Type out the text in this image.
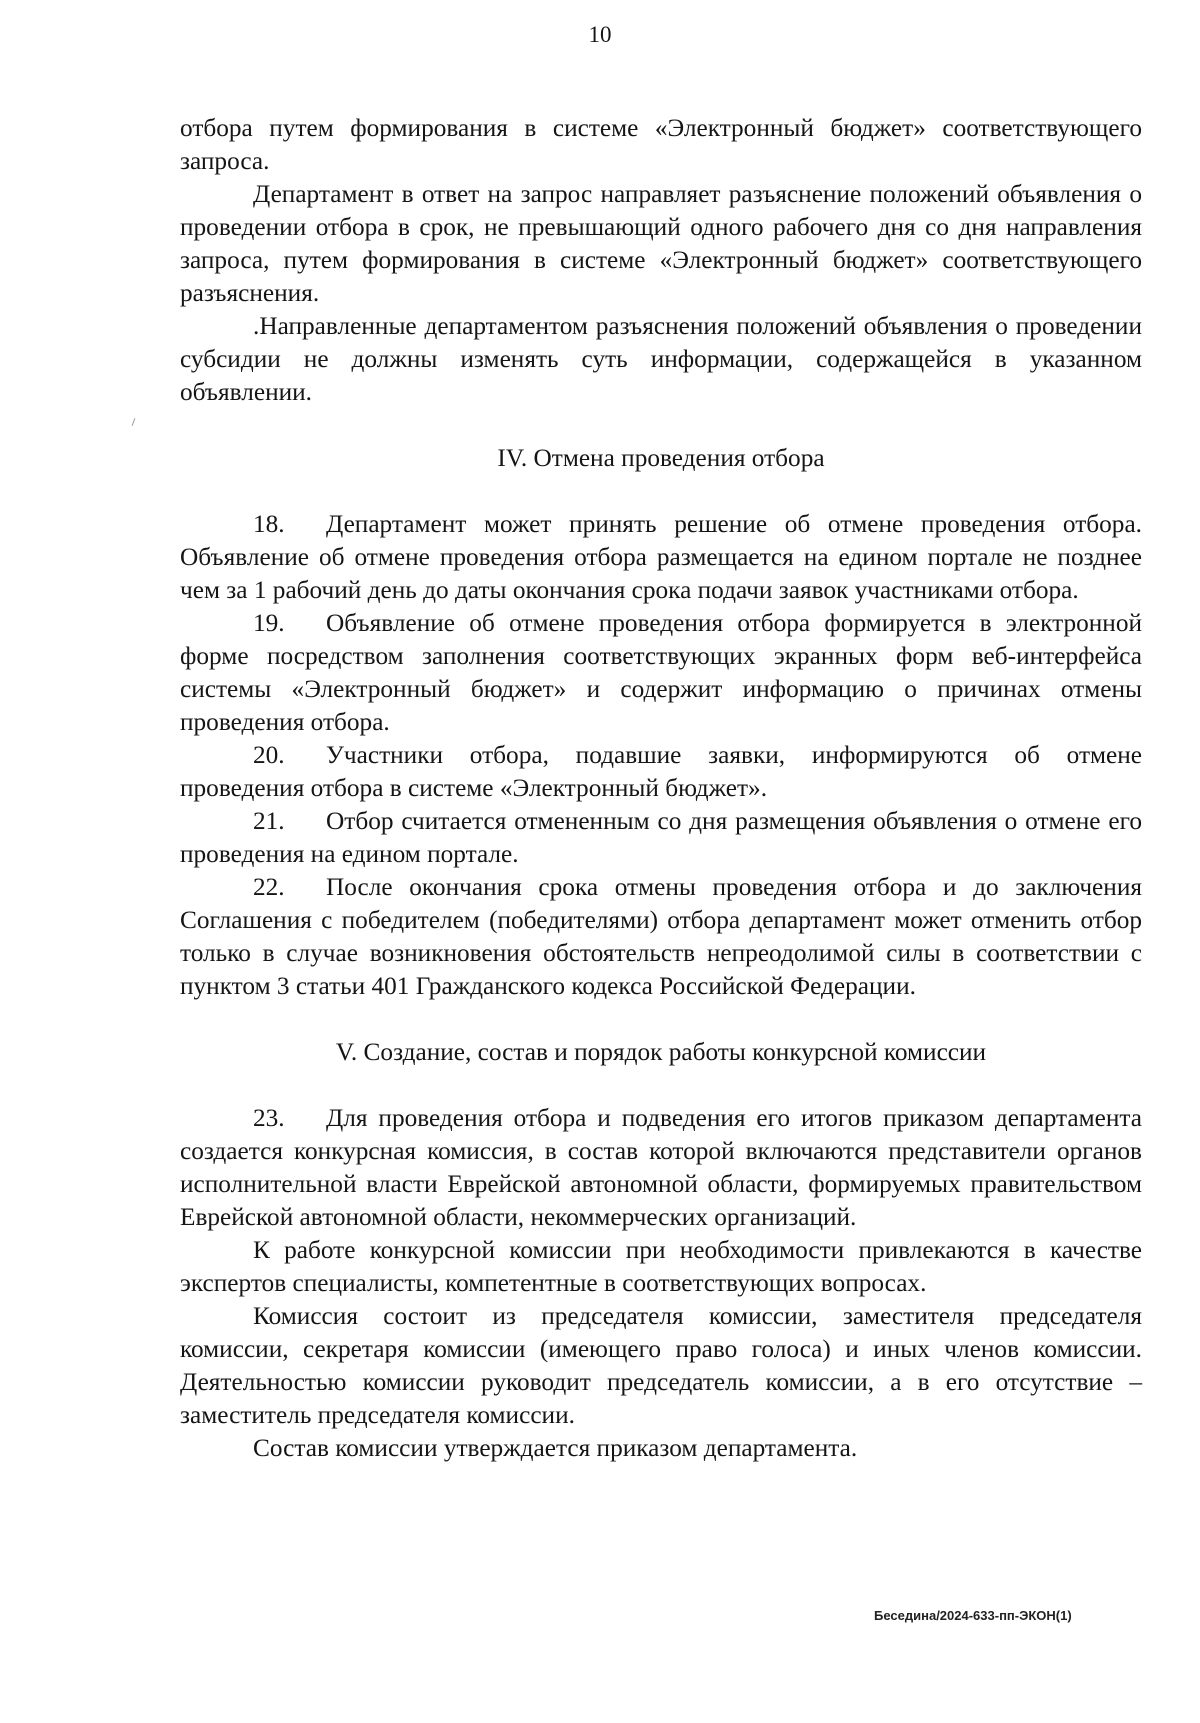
10

отбора путем формирования в системе «Электронный бюджет» соответствующего запроса.

Департамент в ответ на запрос направляет разъяснение положений объявления о проведении отбора в срок, не превышающий одного рабочего дня со дня направления запроса, путем формирования в системе «Электронный бюджет» соответствующего разъяснения.

.Направленные департаментом разъяснения положений объявления о проведении субсидии не должны изменять суть информации, содержащейся в указанном объявлении.

IV. Отмена проведения отбора

18. Департамент может принять решение об отмене проведения отбора. Объявление об отмене проведения отбора размещается на едином портале не позднее чем за 1 рабочий день до даты окончания срока подачи заявок участниками отбора.

19. Объявление об отмене проведения отбора формируется в электронной форме посредством заполнения соответствующих экранных форм веб-интерфейса системы «Электронный бюджет» и содержит информацию о причинах отмены проведения отбора.

20. Участники отбора, подавшие заявки, информируются об отмене проведения отбора в системе «Электронный бюджет».

21. Отбор считается отмененным со дня размещения объявления о отмене его проведения на едином портале.

22. После окончания срока отмены проведения отбора и до заключения Соглашения с победителем (победителями) отбора департамент может отменить отбор только в случае возникновения обстоятельств непреодолимой силы в соответствии с пунктом 3 статьи 401 Гражданского кодекса Российской Федерации.

V. Создание, состав и порядок работы конкурсной комиссии

23. Для проведения отбора и подведения его итогов приказом департамента создается конкурсная комиссия, в состав которой включаются представители органов исполнительной власти Еврейской автономной области, формируемых правительством Еврейской автономной области, некоммерческих организаций.

К работе конкурсной комиссии при необходимости привлекаются в качестве экспертов специалисты, компетентные в соответствующих вопросах.

Комиссия состоит из председателя комиссии, заместителя председателя комиссии, секретаря комиссии (имеющего право голоса) и иных членов комиссии. Деятельностью комиссии руководит председатель комиссии, а в его отсутствие – заместитель председателя комиссии.

Состав комиссии утверждается приказом департамента.

Беседина/2024-633-пп-ЭКОН(1)
